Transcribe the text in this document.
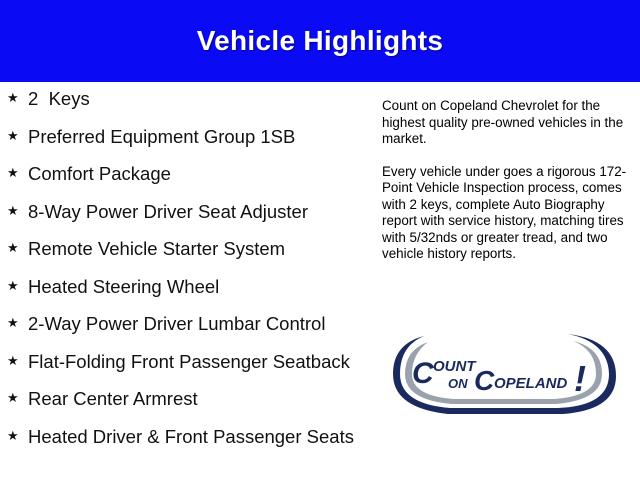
Vehicle Highlights
★ 2  Keys
★ Preferred Equipment Group 1SB
★ Comfort Package
★ 8-Way Power Driver Seat Adjuster
★ Remote Vehicle Starter System
★ Heated Steering Wheel
★ 2-Way Power Driver Lumbar Control
★ Flat-Folding Front Passenger Seatback
★ Rear Center Armrest
★ Heated Driver & Front Passenger Seats

Count on Copeland Chevrolet for the highest quality pre-owned vehicles in the market.

Every vehicle under goes a rigorous 172-Point Vehicle Inspection process, comes with 2 keys, complete Auto Biography report with service history, matching tires with 5/32nds or greater tread, and two vehicle history reports.

C OUNT
ON C OPELAND !
